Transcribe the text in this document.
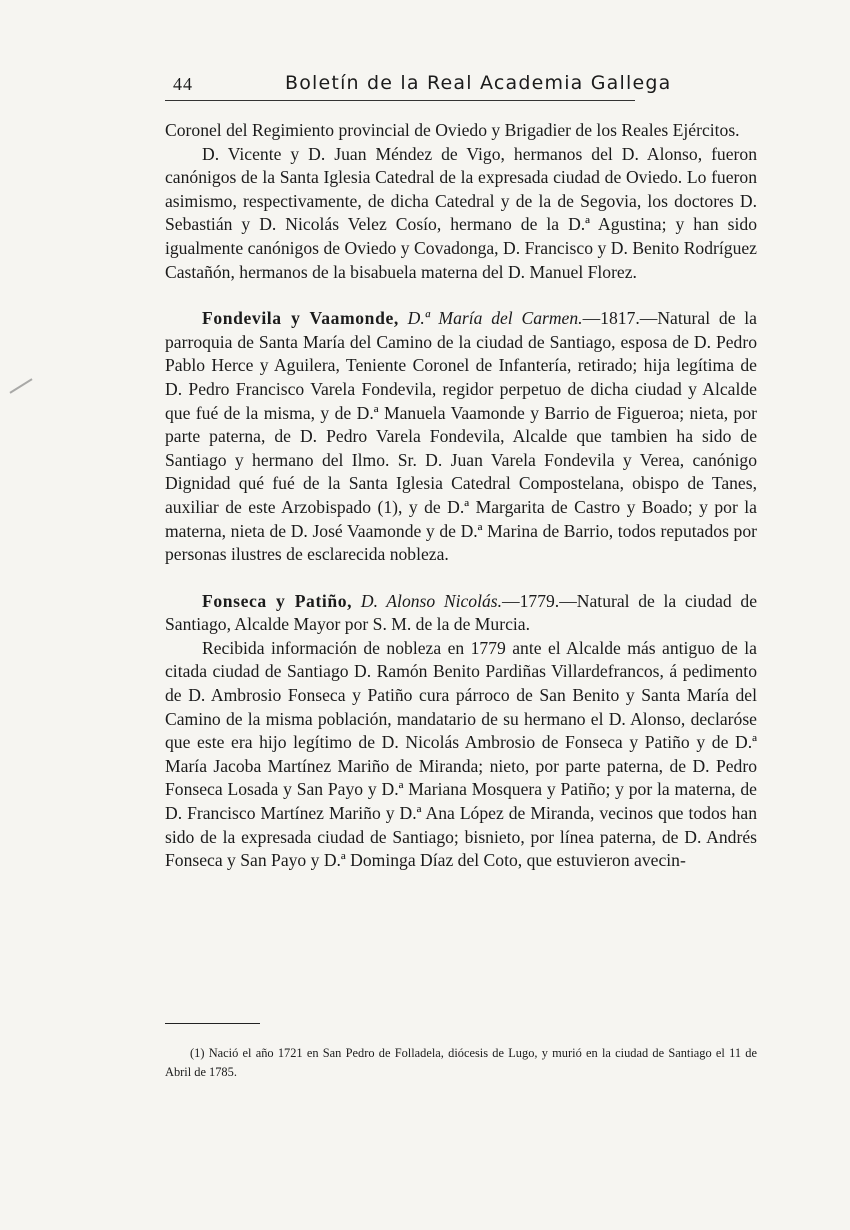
44	Boletín de la Real Academia Gallega

Coronel del Regimiento provincial de Oviedo y Brigadier de los Reales Ejércitos.

D. Vicente y D. Juan Méndez de Vigo, hermanos del D. Alonso, fueron canónigos de la Santa Iglesia Catedral de la expresada ciudad de Oviedo. Lo fueron asimismo, respectivamente, de dicha Catedral y de la de Segovia, los doctores D. Sebastián y D. Nicolás Velez Cosío, hermano de la D.ª Agustina; y han sido igualmente canónigos de Oviedo y Covadonga, D. Francisco y D. Benito Rodríguez Castañón, hermanos de la bisabuela materna del D. Manuel Florez.

Fondevila y Vaamonde, D.ª María del Carmen.—1817.—Natural de la parroquia de Santa María del Camino de la ciudad de Santiago, esposa de D. Pedro Pablo Herce y Aguilera, Teniente Coronel de Infantería, retirado; hija legítima de D. Pedro Francisco Varela Fondevila, regidor perpetuo de dicha ciudad y Alcalde que fué de la misma, y de D.ª Manuela Vaamonde y Barrio de Figueroa; nieta, por parte paterna, de D. Pedro Varela Fondevila, Alcalde que tambien ha sido de Santiago y hermano del Ilmo. Sr. D. Juan Varela Fondevila y Verea, canónigo Dignidad qué fué de la Santa Iglesia Catedral Compostelana, obispo de Tanes, auxiliar de este Arzobispado (1), y de D.ª Margarita de Castro y Boado; y por la materna, nieta de D. José Vaamonde y de D.ª Marina de Barrio, todos reputados por personas ilustres de esclarecida nobleza.

Fonseca y Patiño, D. Alonso Nicolás.—1779.—Natural de la ciudad de Santiago, Alcalde Mayor por S. M. de la de Murcia.

Recibida información de nobleza en 1779 ante el Alcalde más antiguo de la citada ciudad de Santiago D. Ramón Benito Pardiñas Villardefrancos, á pedimento de D. Ambrosio Fonseca y Patiño cura párroco de San Benito y Santa María del Camino de la misma población, mandatario de su hermano el D. Alonso, declaróse que este era hijo legítimo de D. Nicolás Ambrosio de Fonseca y Patiño y de D.ª María Jacoba Martínez Mariño de Miranda; nieto, por parte paterna, de D. Pedro Fonseca Losada y San Payo y D.ª Mariana Mosquera y Patiño; y por la materna, de D. Francisco Martínez Mariño y D.ª Ana López de Miranda, vecinos que todos han sido de la expresada ciudad de Santiago; bisnieto, por línea paterna, de D. Andrés Fonseca y San Payo y D.ª Dominga Díaz del Coto, que estuvieron avecin-

(1) Nació el año 1721 en San Pedro de Folladela, diócesis de Lugo, y murió en la ciudad de Santiago el 11 de Abril de 1785.
